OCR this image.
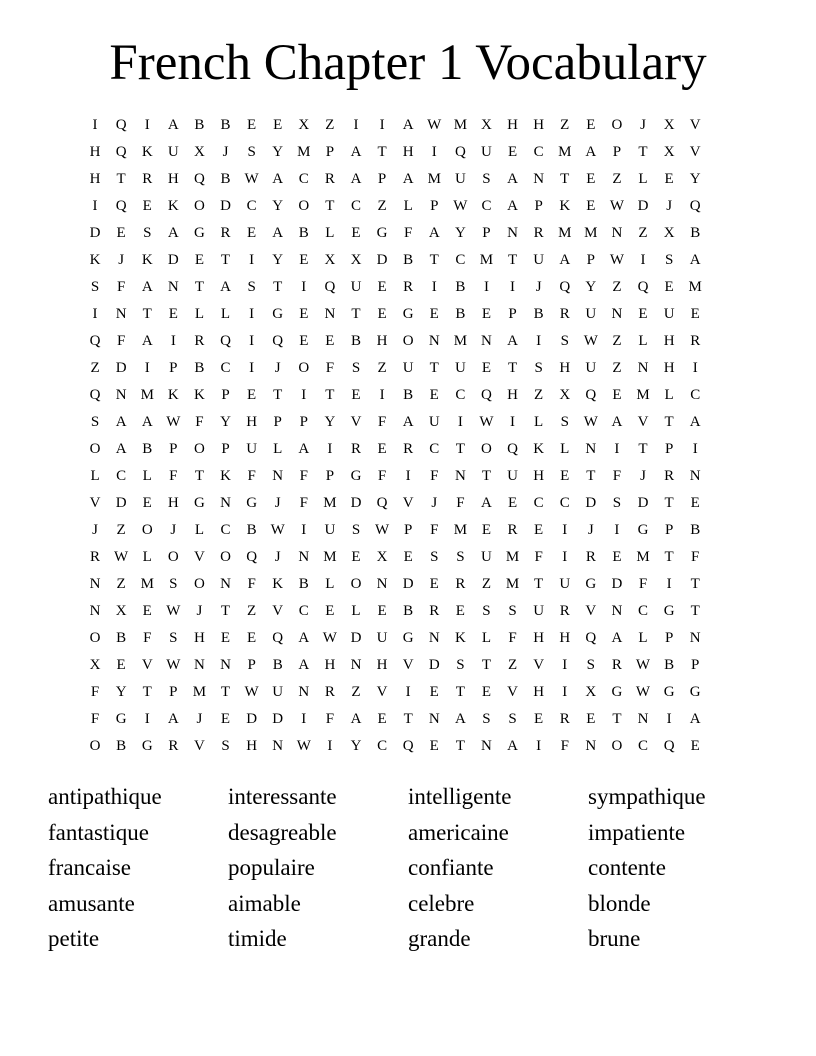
French Chapter 1 Vocabulary
I	Q	I	A	B	B	E	E	X	Z	I	I	A W M X	H	H	Z	E	O	J	X	V
H	Q	K	U	X	J	S	Y M	P	A	T	H	I	Q	U	E	C M A	P	T	X	V
H	T	R	H	Q	B W A	C	R	A	P	A M U	S	A	N	T	E	Z	L	E	Y
I	Q	E	K	O	D	C	Y	O	T	C	Z	L	P W C	A	P	K	E W D	J	Q
D	E	S	A	G	R	E	A	B	L	E	G	F	A	Y	P	N	R M M N	Z	X	B
K	J	K	D	E	T	I	Y	E	X	X	D	B	T	C M T	U	A	P W	I	S	A
S	F	A	N	T	A	S	T	I	Q	U	E	R	I	B	I	I	J	Q	Y	Z	Q	E M
I	N	T	E	L	L	I	G	E	N	T	E	G	E	B	E	P	B	R	U	N	E	U	E
Q	F	A	I	R	Q	I	Q	E	E	B	H	O	N M N	A	I	S W Z	L	H	R
Z	D	I	P	B	C	I	J	O	F	S	Z	U	T	U	E	T	S	H	U	Z	N	H	I
Q	N M K	K	P	E	T	I	T	E	I	B	E	C	Q	H	Z	X	Q	E M L	C
S	A	A W F	Y	H	P	P	Y	V	F	A	U	I	W	I	L	S W A	V	T	A
O	A	B	P	O	P	U	L	A	I	R	E	R	C	T	O	Q	K	L	N	I	T	P	I
L	C	L	F	T	K	F	N	F	P	G	F	I	F	N	T	U	H	E	T	F	J	R	N
V	D	E	H	G	N	G	J	F	M D	Q	V	J	F	A	E	C	C	D	S	D	T	E
J	Z	O	J	L	C	B W	I	U	S W P	F	M E	R	E	I	J	I	G	P	B
R W L	O	V	O	Q	J	N M E	X	E	S	S	U M	F	I	R	E M T	F
N	Z M	S	O	N	F	K	B	L	O	N	D	E	R	Z M T	U	G	D	F	I	T
N	X	E W	J	T	Z	V	C	E	L	E	B	R	E	S	S	U	R	V	N	C	G	T
O	B	F	S	H	E	E	Q	A W D	U	G	N	K	L	F	H	H	Q	A	L	P	N
X	E	V W N	N	P	B	A	H	N	H	V	D	S	T	Z	V	I	S	R W B	P
F	Y	T	P	M T W U	N	R	Z	V	I	E	T	E	V	H	I	X	G W G	G
F	G	I	A	J	E	D	D	I	F	A	E	T	N	A	S	S	E	R	E	T	N	I	A
O	B	G	R	V	S	H	N W	I	Y	C	Q	E	T	N	A	I	F	N	O	C	Q	E
antipathique	interessante	intelligente	sympathique
fantastique	desagreable	americaine	impatiente
francaise	populaire	confiante	contente
amusante	aimable	celebre	blonde
petite	timide	grande	brune
